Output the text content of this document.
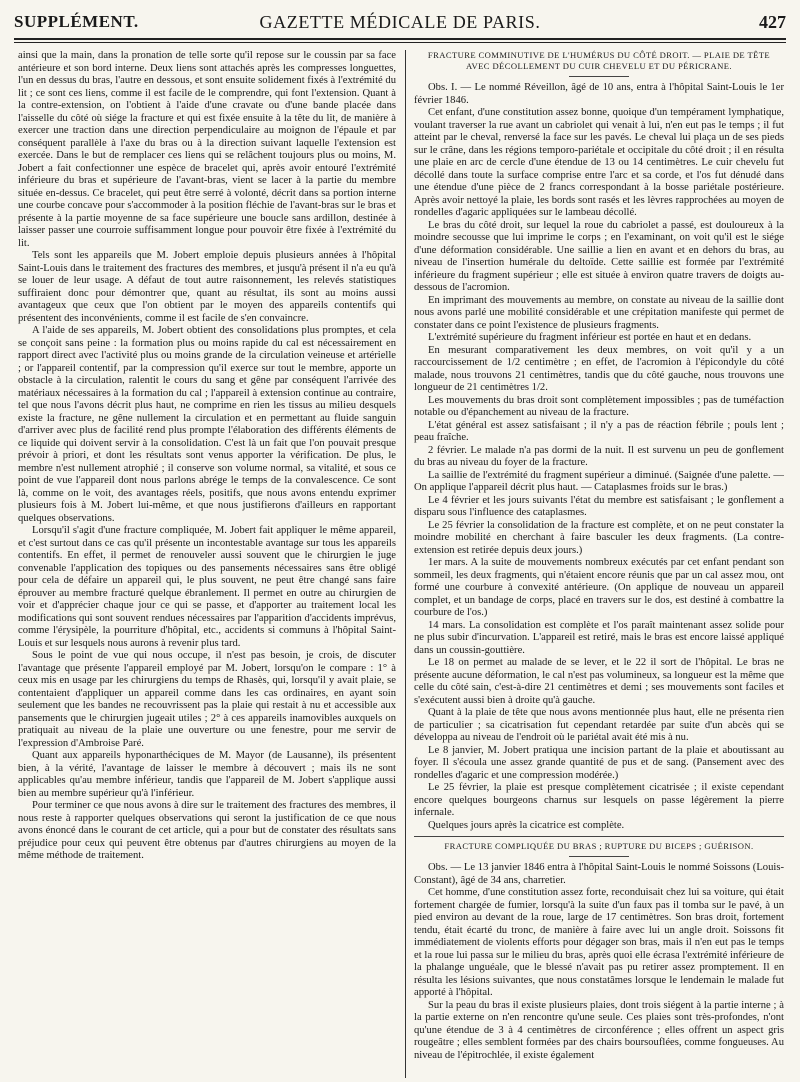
SUPPLÉMENT.	GAZETTE MÉDICALE DE PARIS.	427

ainsi que la main, dans la pronation de telle sorte qu'il repose sur le coussin par sa face antérieure et son bord interne. Deux liens sont attachés après les compresses longuettes, l'un en dessus du bras, l'autre en dessous, et sont ensuite solidement fixés à l'extrémité du lit ; ce sont ces liens, comme il est facile de le comprendre, qui font l'extension. Quant à la contre-extension, on l'obtient à l'aide d'une cravate ou d'une bande placée dans l'aisselle du côté où siége la fracture et qui est fixée ensuite à la tête du lit, de manière à exercer une traction dans une direction perpendiculaire au moignon de l'épaule et par conséquent parallèle à l'axe du bras ou à la direction suivant laquelle l'extension est exercée. Dans le but de remplacer ces liens qui se relâchent toujours plus ou moins, M. Jobert a fait confectionner une espèce de bracelet qui, après avoir entouré l'extrémité inférieure du bras et supérieure de l'avant-bras, vient se lacer à la partie du membre située en-dessus. Ce bracelet, qui peut être serré à volonté, décrit dans sa portion interne une courbe concave pour s'accommoder à la position fléchie de l'avant-bras sur le bras et présente à la partie moyenne de sa face supérieure une boucle sans ardillon, destinée à laisser passer une courroie suffisamment longue pour pouvoir être fixée à l'extrémité du lit.

Tels sont les appareils que M. Jobert emploie depuis plusieurs années à l'hôpital Saint-Louis dans le traitement des fractures des membres, et jusqu'à présent il n'a eu qu'à se louer de leur usage. A défaut de tout autre raisonnement, les relevés statistiques suffiraient donc pour démontrer que, quant au résultat, ils sont au moins aussi avantageux que ceux que l'on obtient par le moyen des appareils contentifs qui présentent des inconvénients, comme il est facile de s'en convaincre.

A l'aide de ses appareils, M. Jobert obtient des consolidations plus promptes, et cela se conçoit sans peine : la formation plus ou moins rapide du cal est nécessairement en rapport direct avec l'activité plus ou moins grande de la circulation veineuse et artérielle ; or l'appareil contentif, par la compression qu'il exerce sur tout le membre, apporte un obstacle à la circulation, ralentit le cours du sang et gêne par conséquent l'arrivée des matériaux nécessaires à la formation du cal ; l'appareil à extension continue au contraire, tel que nous l'avons décrit plus haut, ne comprime en rien les tissus au milieu desquels existe la fracture, ne gêne nullement la circulation et en permettant au fluide sanguin d'arriver avec plus de facilité rend plus prompte l'élaboration des différents éléments de ce liquide qui doivent servir à la consolidation. C'est là un fait que l'on pouvait presque prévoir à priori, et dont les résultats sont venus apporter la vérification. De plus, le membre n'est nullement atrophié ; il conserve son volume normal, sa vitalité, et sous ce point de vue l'appareil dont nous parlons abrége le temps de la convalescence. Ce sont là, comme on le voit, des avantages réels, positifs, que nous avons entendu exprimer plusieurs fois à M. Jobert lui-même, et que nous justifierons d'ailleurs en rapportant quelques observations.

Lorsqu'il s'agit d'une fracture compliquée, M. Jobert fait appliquer le même appareil, et c'est surtout dans ce cas qu'il présente un incontestable avantage sur tous les appareils contentifs. En effet, il permet de renouveler aussi souvent que le chirurgien le juge convenable l'application des topiques ou des pansements nécessaires sans être obligé pour cela de défaire un appareil qui, le plus souvent, ne peut être changé sans faire éprouver au membre fracturé quelque ébranlement. Il permet en outre au chirurgien de voir et d'apprécier chaque jour ce qui se passe, et d'apporter au traitement local les modifications qui sont souvent rendues nécessaires par l'apparition d'accidents imprévus, comme l'érysipèle, la pourriture d'hôpital, etc., accidents si communs à l'hôpital Saint-Louis et sur lesquels nous aurons à revenir plus tard.

Sous le point de vue qui nous occupe, il n'est pas besoin, je crois, de discuter l'avantage que présente l'appareil employé par M. Jobert, lorsqu'on le compare : 1° à ceux mis en usage par les chirurgiens du temps de Rhasès, qui, lorsqu'il y avait plaie, se contentaient d'appliquer un appareil comme dans les cas ordinaires, en ayant soin seulement que les bandes ne recouvrissent pas la plaie qui restait à nu et accessible aux pansements que le chirurgien jugeait utiles ; 2° à ces appareils inamovibles auxquels on pratiquait au niveau de la plaie une ouverture ou une fenestre, pour me servir de l'expression d'Ambroise Paré.

Quant aux appareils hyponarthéciques de M. Mayor (de Lausanne), ils présentent bien, à la vérité, l'avantage de laisser le membre à découvert ; mais ils ne sont applicables qu'au membre inférieur, tandis que l'appareil de M. Jobert s'applique aussi bien au membre supérieur qu'à l'inférieur.

Pour terminer ce que nous avons à dire sur le traitement des fractures des membres, il nous reste à rapporter quelques observations qui seront la justification de ce que nous avons énoncé dans le courant de cet article, qui a pour but de constater des résultats sans préjudice pour ceux qui peuvent être obtenus par d'autres chirurgiens au moyen de la même méthode de traitement.

FRACTURE COMMINUTIVE DE L'HUMÉRUS DU CÔTÉ DROIT. — PLAIE DE TÊTE AVEC DÉCOLLEMENT DU CUIR CHEVELU ET DU PÉRICRANE.

Obs. I. — Le nommé Réveillon, âgé de 10 ans, entra à l'hôpital Saint-Louis le 1er février 1846.

Cet enfant, d'une constitution assez bonne, quoique d'un tempérament lymphatique, voulant traverser la rue avant un cabriolet qui venait à lui, n'en eut pas le temps ; il fut atteint par le cheval, renversé la face sur les pavés. Le cheval lui plaça un de ses pieds sur le crâne, dans les régions temporo-pariétale et occipitale du côté droit ; il en résulta une plaie en arc de cercle d'une étendue de 13 ou 14 centimètres. Le cuir chevelu fut décollé dans toute la surface comprise entre l'arc et sa corde, et l'os fut dénudé dans une étendue d'une pièce de 2 francs correspondant à la bosse pariétale postérieure. Après avoir nettoyé la plaie, les bords sont rasés et les lèvres rapprochées au moyen de rondelles d'agaric appliquées sur le lambeau décollé.

Le bras du côté droit, sur lequel la roue du cabriolet a passé, est douloureux à la moindre secousse que lui imprime le corps ; en l'examinant, on voit qu'il est le siége d'une déformation considérable. Une saillie a lien en avant et en dehors du bras, au niveau de l'insertion humérale du deltoïde. Cette saillie est formée par l'extrémité inférieure du fragment supérieur ; elle est située à environ quatre travers de doigts au-dessous de l'acromion.

En imprimant des mouvements au membre, on constate au niveau de la saillie dont nous avons parlé une mobilité considérable et une crépitation manifeste qui permet de constater dans ce point l'existence de plusieurs fragments.

L'extrémité supérieure du fragment inférieur est portée en haut et en dedans.

En mesurant comparativement les deux membres, on voit qu'il y a un raccourcissement de 1/2 centimètre ; en effet, de l'acromion à l'épicondyle du côté malade, nous trouvons 21 centimètres, tandis que du côté gauche, nous trouvons une longueur de 21 centimètres 1/2.

Les mouvements du bras droit sont complètement impossibles ; pas de tuméfaction notable ou d'épanchement au niveau de la fracture.

L'état général est assez satisfaisant ; il n'y a pas de réaction fébrile ; pouls lent ; peau fraîche.

2 février. Le malade n'a pas dormi de la nuit. Il est survenu un peu de gonflement du bras au niveau du foyer de la fracture.

La saillie de l'extrémité du fragment supérieur a diminué. (Saignée d'une palette. — On applique l'appareil décrit plus haut. — Cataplasmes froids sur le bras.)

Le 4 février et les jours suivants l'état du membre est satisfaisant ; le gonflement a disparu sous l'influence des cataplasmes.

Le 25 février la consolidation de la fracture est complète, et on ne peut constater la moindre mobilité en cherchant à faire basculer les deux fragments. (La contre-extension est retirée depuis deux jours.)

1er mars. A la suite de mouvements nombreux exécutés par cet enfant pendant son sommeil, les deux fragments, qui n'étaient encore réunis que par un cal assez mou, ont formé une courbure à convexité antérieure. (On applique de nouveau un appareil complet, et un bandage de corps, placé en travers sur le dos, est destiné à combattre la courbure de l'os.)

14 mars. La consolidation est complète et l'os paraît maintenant assez solide pour ne plus subir d'incurvation. L'appareil est retiré, mais le bras est encore laissé appliqué dans un coussin-gouttière.

Le 18 on permet au malade de se lever, et le 22 il sort de l'hôpital. Le bras ne présente aucune déformation, le cal n'est pas volumineux, sa longueur est la même que celle du côté sain, c'est-à-dire 21 centimètres et demi ; ses mouvements sont faciles et s'exécutent aussi bien à droite qu'à gauche.

Quant à la plaie de tête que nous avons mentionnée plus haut, elle ne présenta rien de particulier ; sa cicatrisation fut cependant retardée par suite d'un abcès qui se développa au niveau de l'endroit où le pariétal avait été mis à nu.

Le 8 janvier, M. Jobert pratiqua une incision partant de la plaie et aboutissant au foyer. Il s'écoula une assez grande quantité de pus et de sang. (Pansement avec des rondelles d'agaric et une compression modérée.)

Le 25 février, la plaie est presque complètement cicatrisée ; il existe cependant encore quelques bourgeons charnus sur lesquels on passe légèrement la pierre infernale.

Quelques jours après la cicatrice est complète.

FRACTURE COMPLIQUÉE DU BRAS ; RUPTURE DU BICEPS ; GUÉRISON.

Obs. — Le 13 janvier 1846 entra à l'hôpital Saint-Louis le nommé Soissons (Louis-Constant), âgé de 34 ans, charretier.

Cet homme, d'une constitution assez forte, reconduisait chez lui sa voiture, qui était fortement chargée de fumier, lorsqu'à la suite d'un faux pas il tomba sur le pavé, à un pied environ au devant de la roue, large de 17 centimètres. Son bras droit, fortement tendu, était écarté du tronc, de manière à faire avec lui un angle droit. Soissons fit immédiatement de violents efforts pour dégager son bras, mais il n'en eut pas le temps et la roue lui passa sur le milieu du bras, après quoi elle écrasa l'extrémité inférieure de la phalange unguéale, que le blessé n'avait pas pu retirer assez promptement. Il en résulta les lésions suivantes, que nous constatâmes lorsque le lendemain le malade fut apporté à l'hôpital.

Sur la peau du bras il existe plusieurs plaies, dont trois siégent à la partie interne ; à la partie externe on n'en rencontre qu'une seule. Ces plaies sont très-profondes, n'ont qu'une étendue de 3 à 4 centimètres de circonférence ; elles offrent un aspect gris rougeâtre ; elles semblent formées par des chairs boursouflées, comme fongueuses. Au niveau de l'épitrochlée, il existe également
